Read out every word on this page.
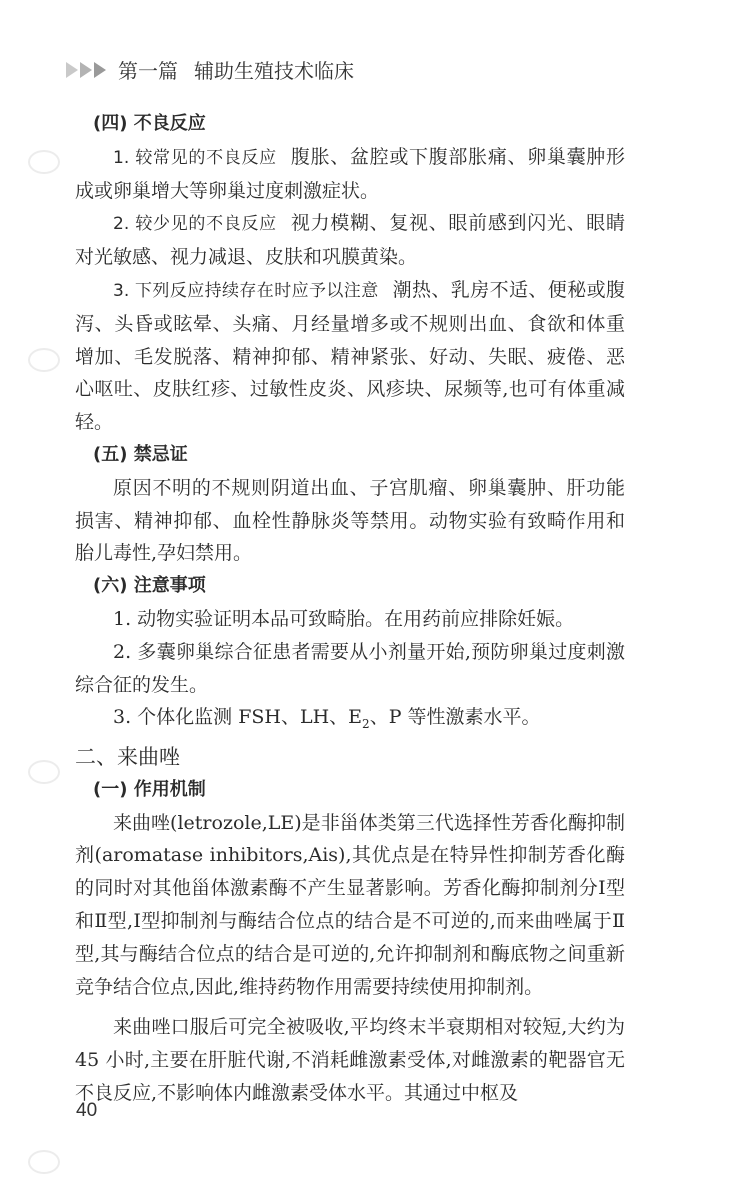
第一篇 辅助生殖技术临床

(四) 不良反应

1. 较常见的不良反应 腹胀、盆腔或下腹部胀痛、卵巢囊肿形成或卵巢增大等卵巢过度刺激症状。

2. 较少见的不良反应 视力模糊、复视、眼前感到闪光、眼睛对光敏感、视力减退、皮肤和巩膜黄染。

3. 下列反应持续存在时应予以注意 潮热、乳房不适、便秘或腹泻、头昏或眩晕、头痛、月经量增多或不规则出血、食欲和体重增加、毛发脱落、精神抑郁、精神紧张、好动、失眠、疲倦、恶心呕吐、皮肤红疹、过敏性皮炎、风疹块、尿频等,也可有体重减轻。

(五) 禁忌证

原因不明的不规则阴道出血、子宫肌瘤、卵巢囊肿、肝功能损害、精神抑郁、血栓性静脉炎等禁用。动物实验有致畸作用和胎儿毒性,孕妇禁用。

(六) 注意事项

1. 动物实验证明本品可致畸胎。在用药前应排除妊娠。

2. 多囊卵巢综合征患者需要从小剂量开始,预防卵巢过度刺激综合征的发生。

3. 个体化监测 FSH、LH、$E_2$、P 等性激素水平。

二、来曲唑

(一) 作用机制

来曲唑(letrozole,LE)是非甾体类第三代选择性芳香化酶抑制剂(aromatase inhibitors,Ais),其优点是在特异性抑制芳香化酶的同时对其他甾体激素酶不产生显著影响。芳香化酶抑制剂分Ⅰ型和Ⅱ型,Ⅰ型抑制剂与酶结合位点的结合是不可逆的,而来曲唑属于Ⅱ型,其与酶结合位点的结合是可逆的,允许抑制剂和酶底物之间重新竞争结合位点,因此,维持药物作用需要持续使用抑制剂。

来曲唑口服后可完全被吸收,平均终末半衰期相对较短,大约为 45 小时,主要在肝脏代谢,不消耗雌激素受体,对雌激素的靶器官无不良反应,不影响体内雌激素受体水平。其通过中枢及

40
